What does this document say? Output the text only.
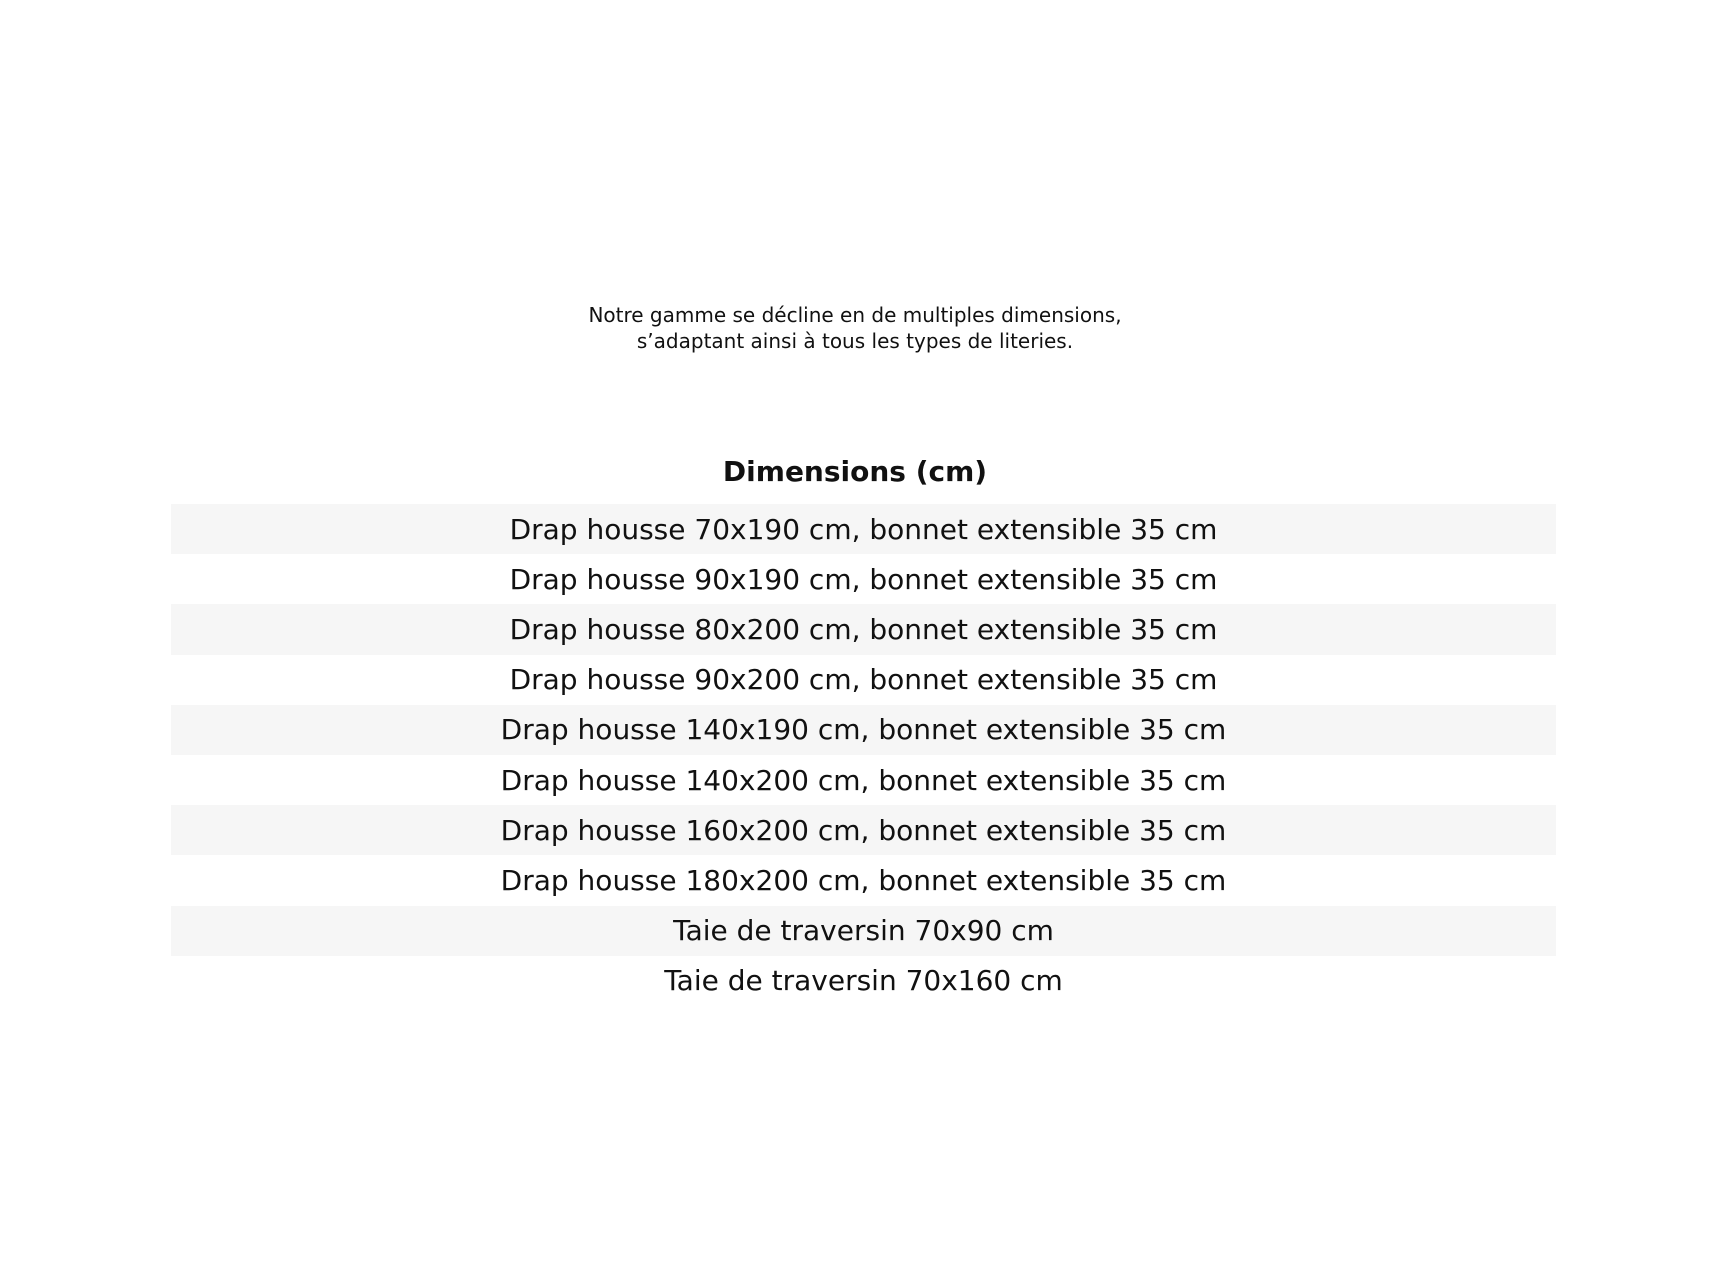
Notre gamme se décline en de multiples dimensions,
s’adaptant ainsi à tous les types de literies.
Dimensions (cm)
Drap housse 70x190 cm, bonnet extensible 35 cm
Drap housse 90x190 cm, bonnet extensible 35 cm
Drap housse 80x200 cm, bonnet extensible 35 cm
Drap housse 90x200 cm, bonnet extensible 35 cm
Drap housse 140x190 cm, bonnet extensible 35 cm
Drap housse 140x200 cm, bonnet extensible 35 cm
Drap housse 160x200 cm, bonnet extensible 35 cm
Drap housse 180x200 cm, bonnet extensible 35 cm
Taie de traversin 70x90 cm
Taie de traversin 70x160 cm
